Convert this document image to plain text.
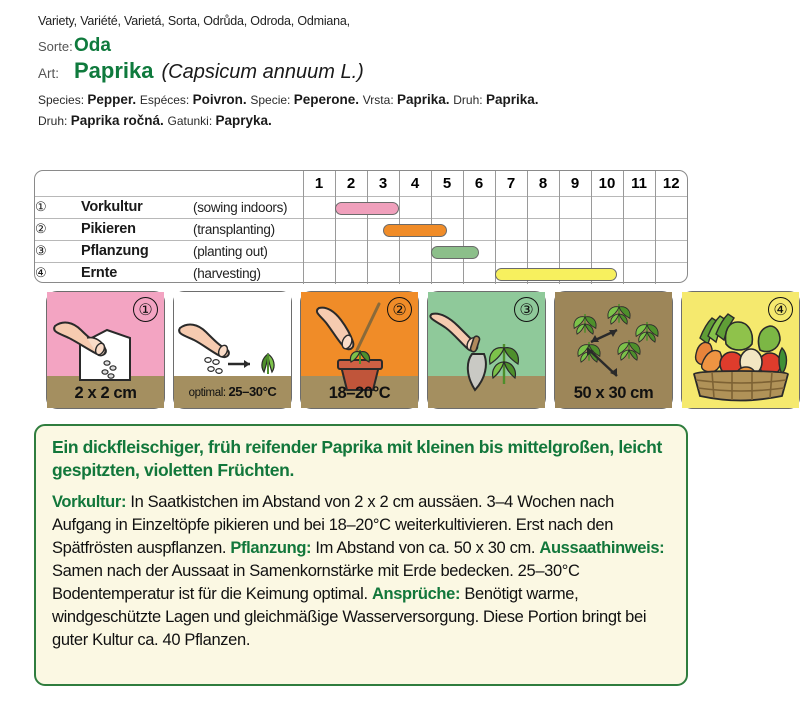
Variety, Variété, Varietá, Sorta, Odrůda, Odroda, Odmiana,
Sorte: Oda
Art: Paprika (Capsicum annuum L.)
Species: Pepper. Espéces: Poivron. Specie: Peperone. Vrsta: Paprika. Druh: Paprika.
Druh: Paprika ročná. Gatunki: Papryka.
			1	2	3	4	5	6	7	8	9	10	11	12
①	Vorkultur	(sowing indoors)												
②	Pikieren	(transplanting)												
③	Pflanzung	(planting out)												
④	Ernte	(harvesting)												
①
2 x 2 cm	optimal: 25–30°C
②
18–20°C
③
50 x 30 cm
④
Ein dickfleischiger, früh reifender Paprika mit kleinen bis mittelgroßen, leicht gespitzten, violetten Früchten.
Vorkultur: In Saatkistchen im Abstand von 2 x 2 cm aussäen. 3–4 Wochen nach Aufgang in Einzeltöpfe pikieren und bei 18–20°C weiterkultivieren. Erst nach den Spätfrösten auspflanzen. Pflanzung: Im Abstand von ca. 50 x 30 cm. Aussaathinweis: Samen nach der Aussaat in Samenkornstärke mit Erde bedecken. 25–30°C Bodentemperatur ist für die Keimung optimal. Ansprüche: Benötigt warme, windgeschützte Lagen und gleichmäßige Wasserversorgung. Diese Portion bringt bei guter Kultur ca. 40 Pflanzen.
